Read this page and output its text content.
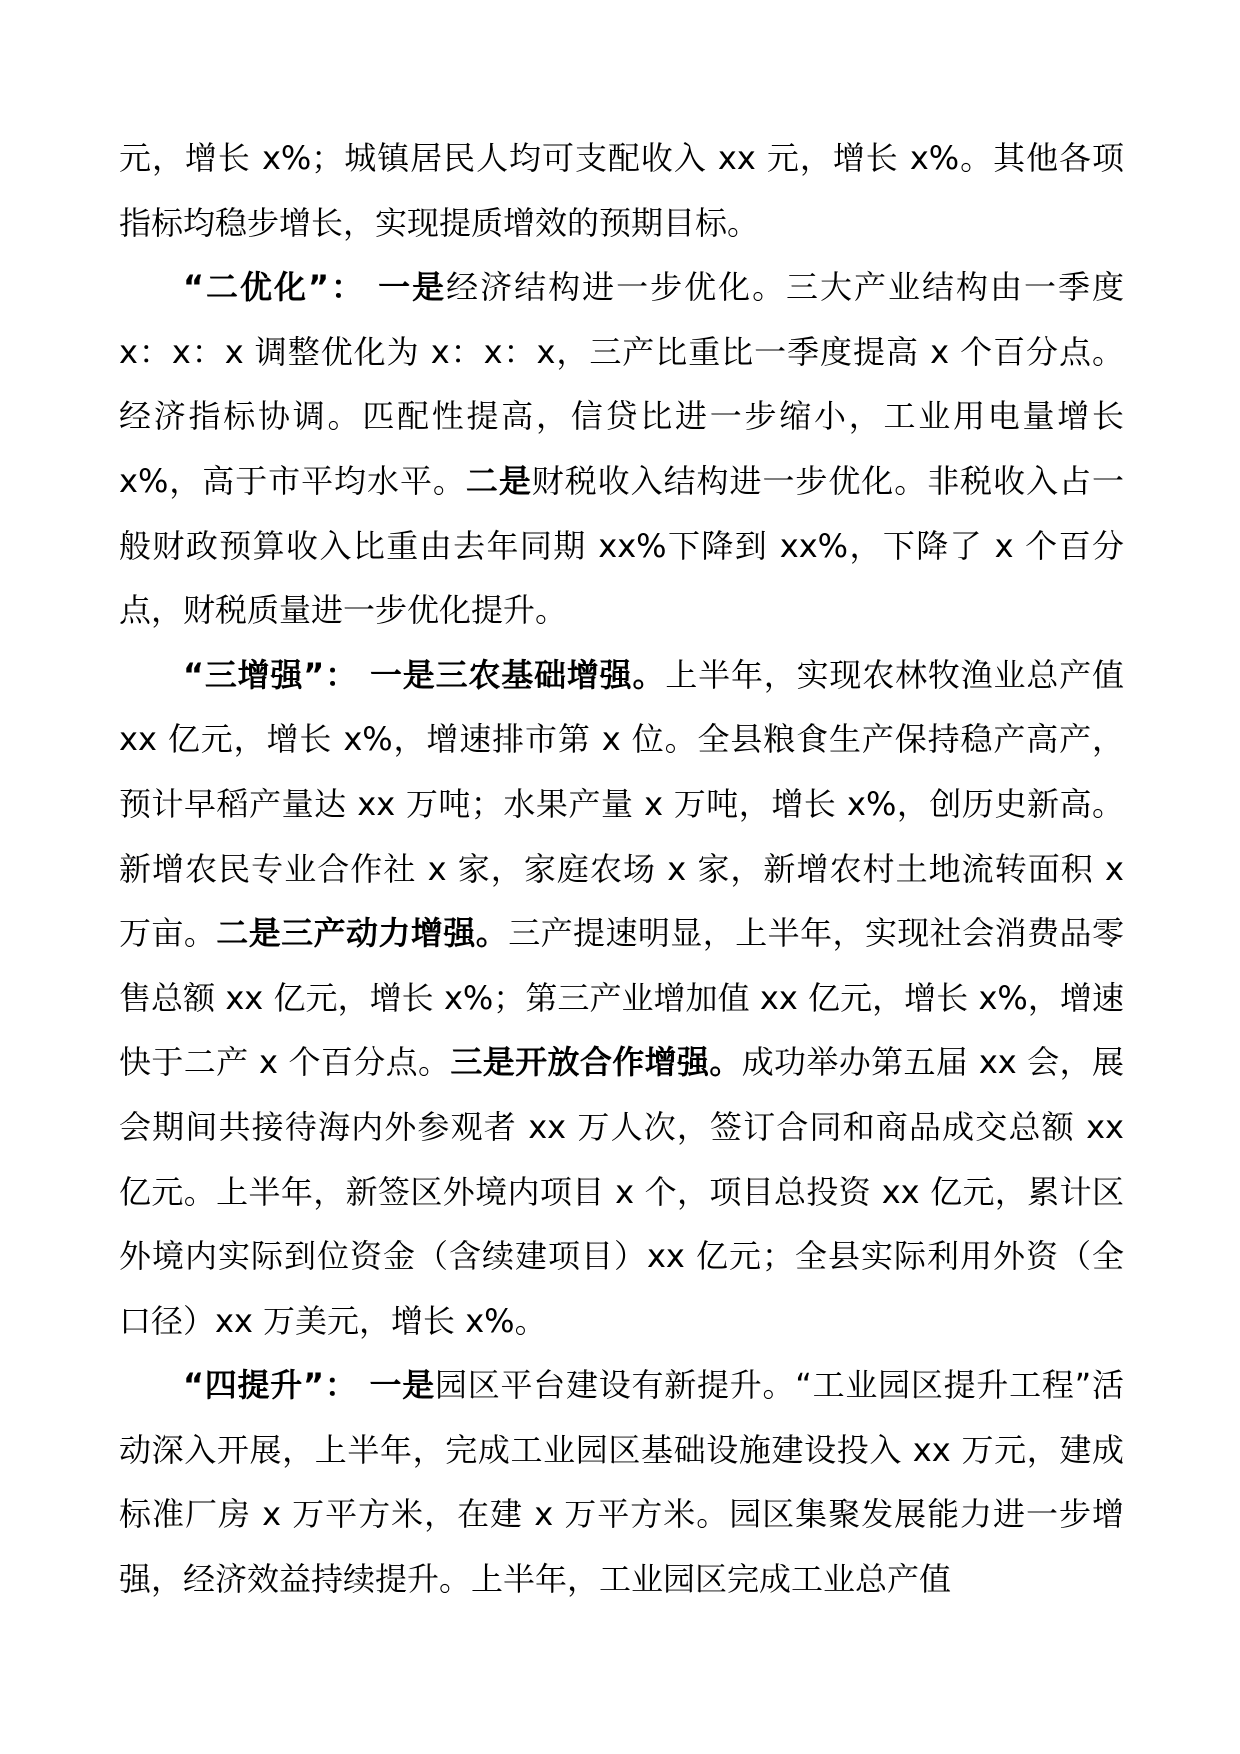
元，增长 x%；城镇居民人均可支配收入 xx 元，增长 x%。其他各项指标均稳步增长，实现提质增效的预期目标。

“二优化”： 一是经济结构进一步优化。三大产业结构由一季度 x：x：x 调整优化为 x：x：x，三产比重比一季度提高 x 个百分点。经济指标协调。匹配性提高，信贷比进一步缩小，工业用电量增长 x%，高于市平均水平。二是财税收入结构进一步优化。非税收入占一般财政预算收入比重由去年同期 xx%下降到 xx%，下降了 x 个百分点，财税质量进一步优化提升。

“三增强”： 一是三农基础增强。上半年，实现农林牧渔业总产值 xx 亿元，增长 x%，增速排市第 x 位。全县粮食生产保持稳产高产，预计早稻产量达 xx 万吨；水果产量 x 万吨，增长 x%，创历史新高。新增农民专业合作社 x 家，家庭农场 x 家，新增农村土地流转面积 x 万亩。二是三产动力增强。三产提速明显，上半年，实现社会消费品零售总额 xx 亿元，增长 x%；第三产业增加值 xx 亿元，增长 x%，增速快于二产 x 个百分点。三是开放合作增强。成功举办第五届 xx 会，展会期间共接待海内外参观者 xx 万人次，签订合同和商品成交总额 xx 亿元。上半年，新签区外境内项目 x 个，项目总投资 xx 亿元，累计区外境内实际到位资金（含续建项目）xx 亿元；全县实际利用外资（全口径）xx 万美元，增长 x%。

“四提升”： 一是园区平台建设有新提升。“工业园区提升工程”活动深入开展，上半年，完成工业园区基础设施建设投入 xx 万元，建成标准厂房 x 万平方米，在建 x 万平方米。园区集聚发展能力进一步增强，经济效益持续提升。上半年，工业园区完成工业总产值
